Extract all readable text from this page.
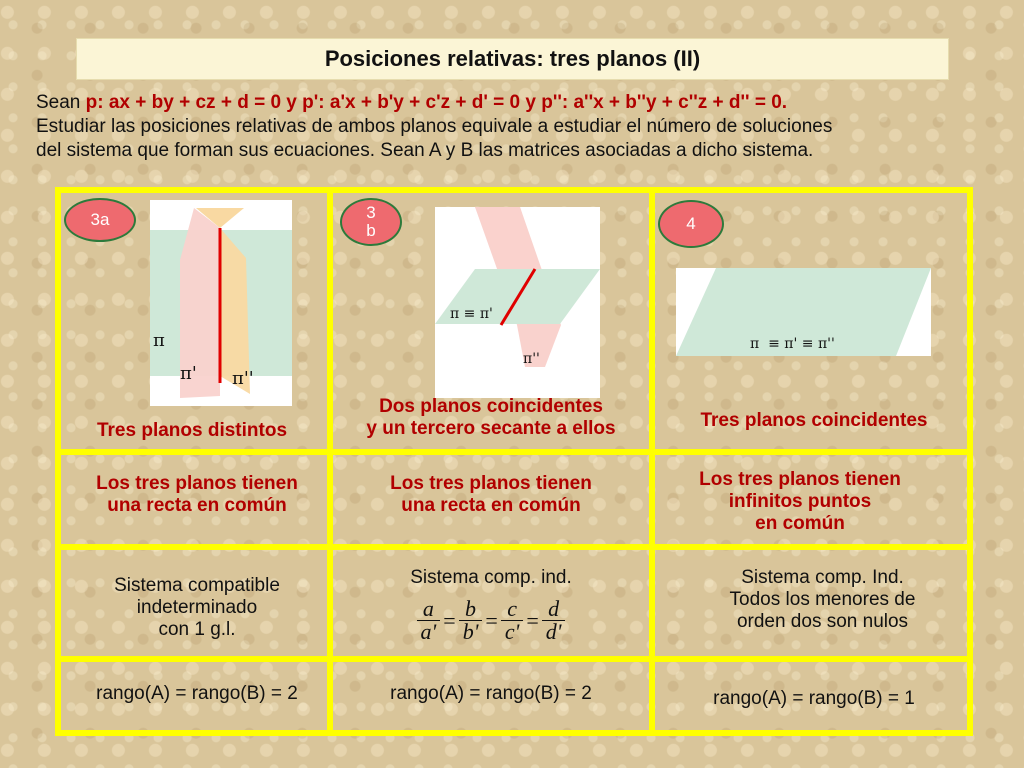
Posiciones relativas: tres planos (II)
Sean p: ax + by + cz + d = 0 y p': a'x + b'y + c'z + d' = 0 y p'': a''x + b''y + c''z + d'' = 0.
Estudiar las posiciones relativas de ambos planos equivale a estudiar el número de soluciones
del sistema que forman sus ecuaciones. Sean A y B las matrices asociadas a dicho sistema.
3a
π
π' π''
Tres planos distintos
Los tres planos tienen
una recta en común
Sistema compatible
indeterminado
con 1 g.l.
rango(A) = rango(B) = 2
3
b
π ≡ π'
π''
Dos planos coincidentes
y un tercero secante a ellos
Los tres planos tienen
una recta en común
Sistema comp. ind.
$\frac{a}{a'} = \frac{b}{b'} = \frac{c}{c'} = \frac{d}{d'}$
rango(A) = rango(B) = 2
4
π  ≡ π' ≡ π''
Tres planos coincidentes
Los tres planos tienen
infinitos puntos
en común
Sistema comp. Ind.
Todos los menores de
orden dos son nulos
rango(A) = rango(B) = 1
